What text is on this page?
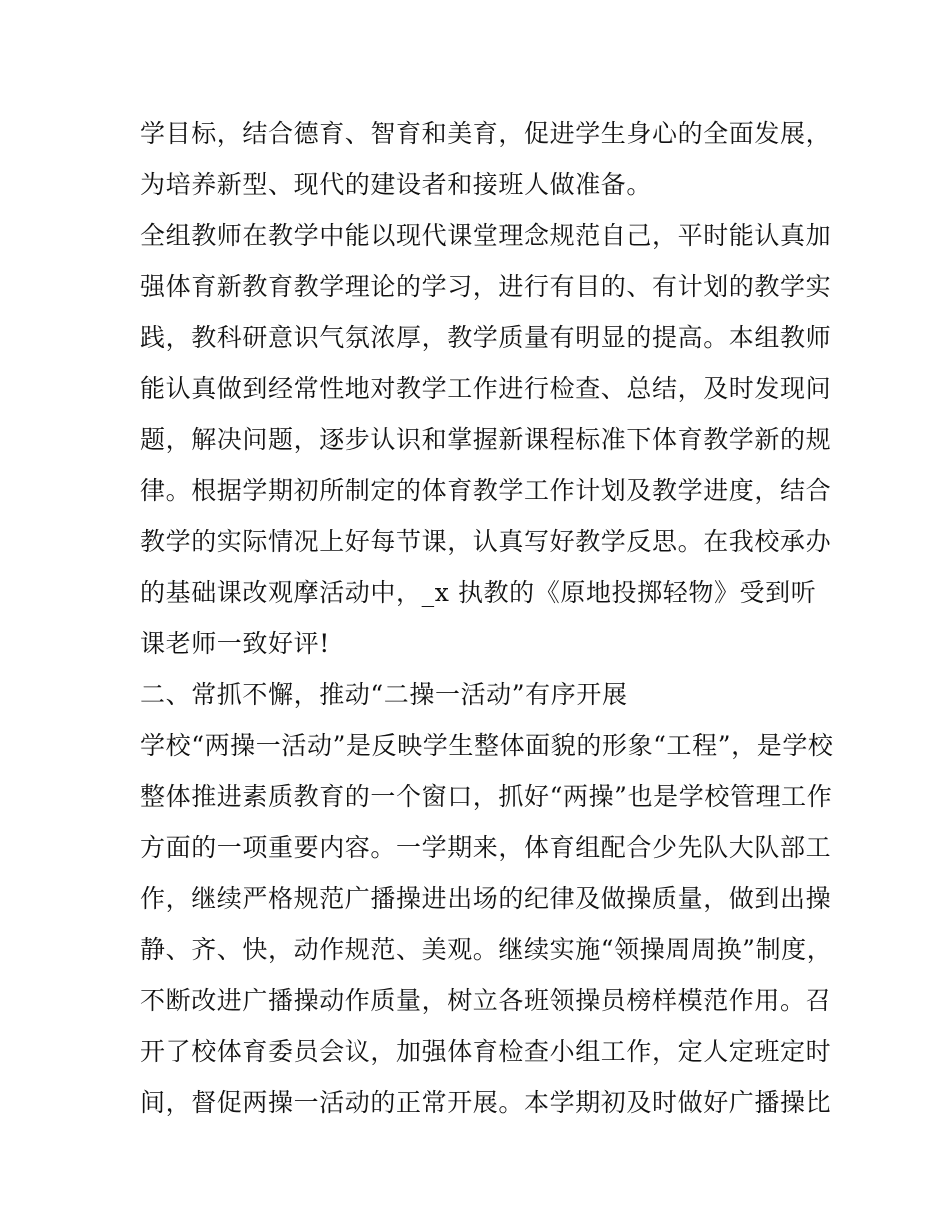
学目标，结合德育、智育和美育，促进学生身心的全面发展，
为培养新型、现代的建设者和接班人做准备。
全组教师在教学中能以现代课堂理念规范自己，平时能认真加
强体育新教育教学理论的学习，进行有目的、有计划的教学实
践，教科研意识气氛浓厚，教学质量有明显的提高。本组教师
能认真做到经常性地对教学工作进行检查、总结，及时发现问
题，解决问题，逐步认识和掌握新课程标准下体育教学新的规
律。根据学期初所制定的体育教学工作计划及教学进度，结合
教学的实际情况上好每节课，认真写好教学反思。在我校承办
的基础课改观摩活动中，_x 执教的《原地投掷轻物》受到听
课老师一致好评!
二、常抓不懈，推动“二操一活动”有序开展
学校“两操一活动”是反映学生整体面貌的形象“工程”，是学校
整体推进素质教育的一个窗口，抓好“两操”也是学校管理工作
方面的一项重要内容。一学期来，体育组配合少先队大队部工
作，继续严格规范广播操进出场的纪律及做操质量，做到出操
静、齐、快，动作规范、美观。继续实施“领操周周换”制度，
不断改进广播操动作质量，树立各班领操员榜样模范作用。召
开了校体育委员会议，加强体育检查小组工作，定人定班定时
间，督促两操一活动的正常开展。本学期初及时做好广播操比
